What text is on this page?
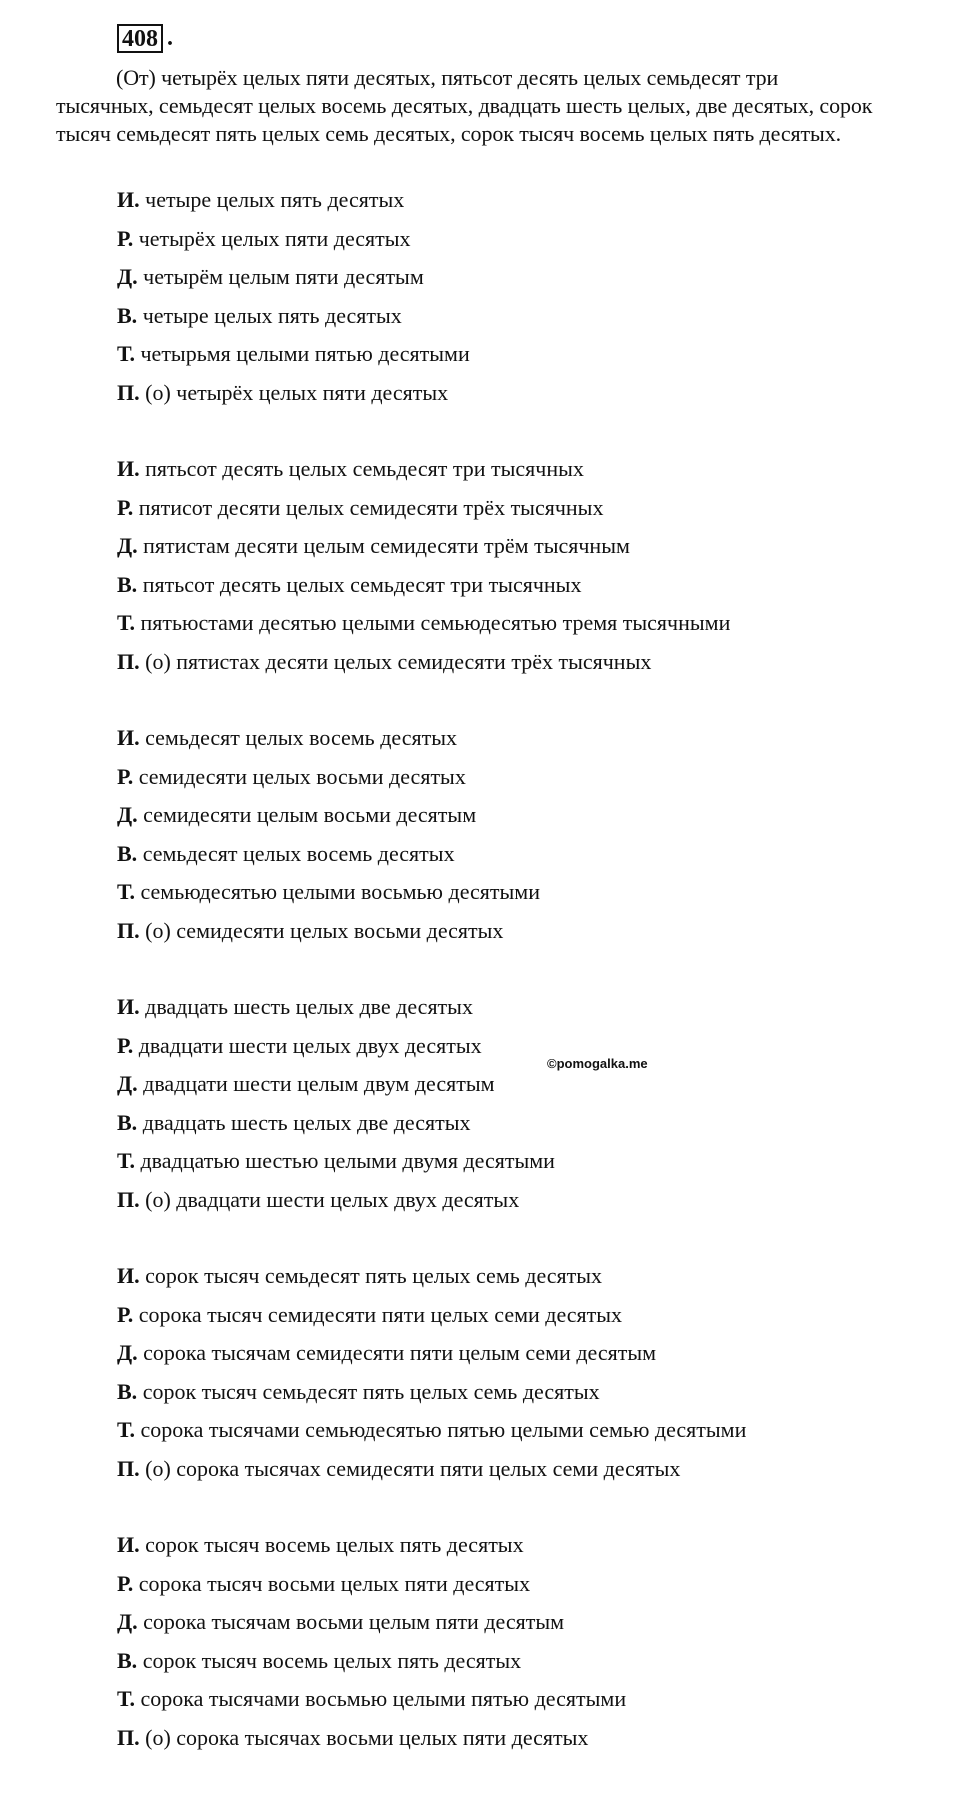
408 .

(От) четырёх целых пяти десятых, пятьсот десять целых семьдесят три тысячных, семьдесят целых восемь десятых, двадцать шесть целых, две десятых, сорок тысяч семьдесят пять целых семь десятых, сорок тысяч восемь целых пять десятых.

И. четыре целых пять десятых
Р. четырёх целых пяти десятых
Д. четырём целым пяти десятым
В. четыре целых пять десятых
Т. четырьмя целыми пятью десятыми
П. (о) четырёх целых пяти десятых
И. пятьсот десять целых семьдесят три тысячных
Р. пятисот десяти целых семидесяти трёх тысячных
Д. пятистам десяти целым семидесяти трём тысячным
В. пятьсот десять целых семьдесят три тысячных
Т. пятьюстами десятью целыми семьюдесятью тремя тысячными
П. (о) пятистах десяти целых семидесяти трёх тысячных
И. семьдесят целых восемь десятых
Р. семидесяти целых восьми десятых
Д. семидесяти целым восьми десятым
В. семьдесят целых восемь десятых
Т. семьюдесятью целыми восьмью десятыми
П. (о) семидесяти целых восьми десятых
И. двадцать шесть целых две десятых
Р. двадцати шести целых двух десятых
Д. двадцати шести целым двум десятым
В. двадцать шесть целых две десятых
Т. двадцатью шестью целыми двумя десятыми
П. (о) двадцати шести целых двух десятых
И. сорок тысяч семьдесят пять целых семь десятых
Р. сорока тысяч семидесяти пяти целых семи десятых
Д. сорока тысячам семидесяти пяти целым семи десятым
В. сорок тысяч семьдесят пять целых семь десятых
Т. сорока тысячами семьюдесятью пятью целыми семью десятыми
П. (о) сорока тысячах семидесяти пяти целых семи десятых
И. сорок тысяч восемь целых пять десятых
Р. сорока тысяч восьми целых пяти десятых
Д. сорока тысячам восьми целым пяти десятым
В. сорок тысяч восемь целых пять десятых
Т. сорока тысячами восьмью целыми пятью десятыми
П. (о) сорока тысячах восьми целых пяти десятых
©pomogalka.me
